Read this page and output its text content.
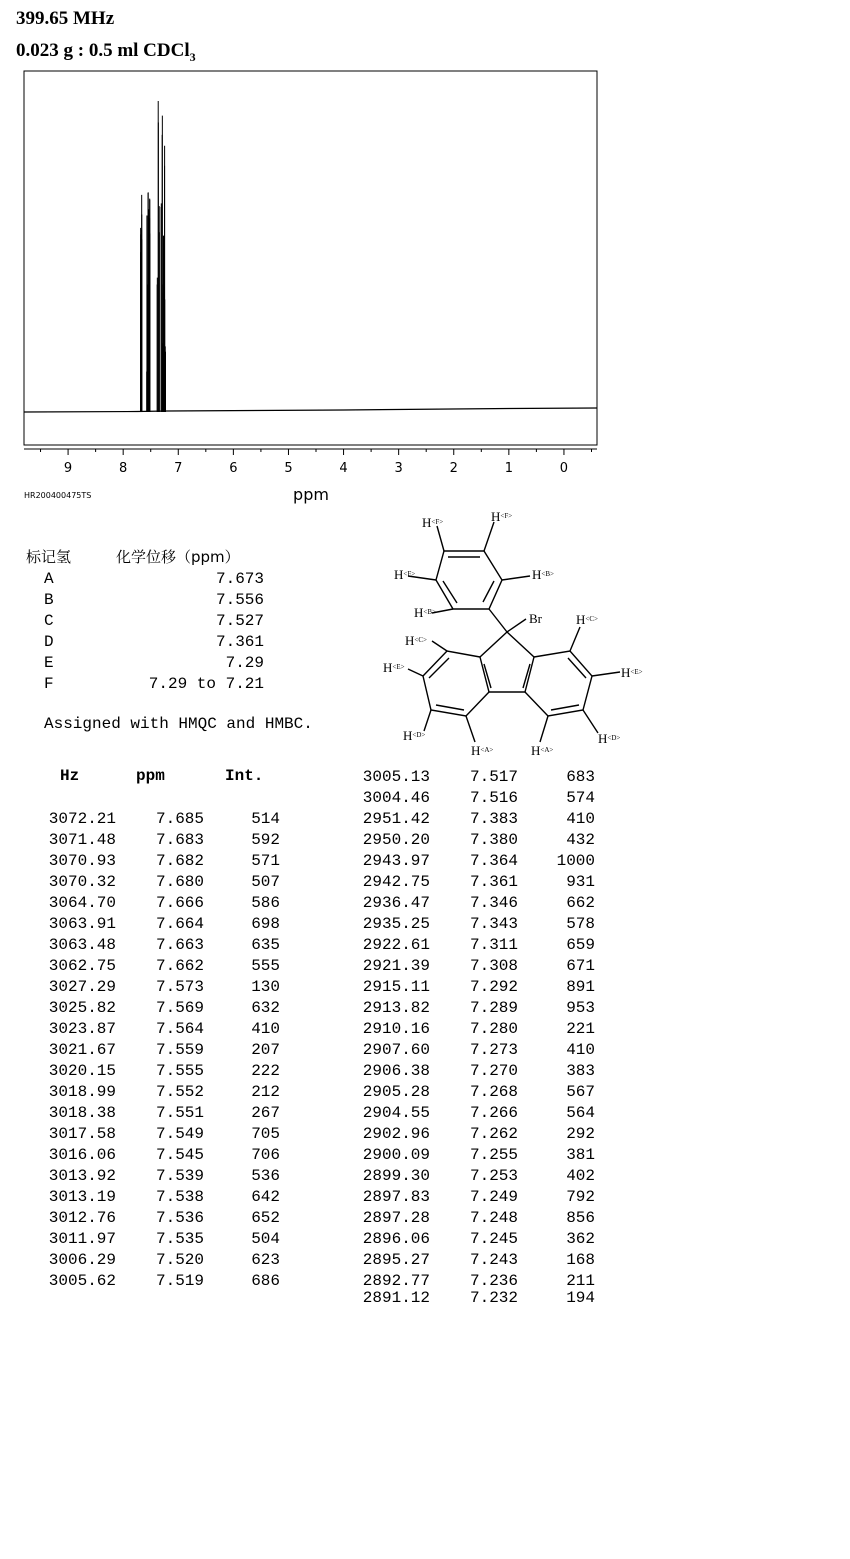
399.65 MHz
0.023 g : 0.5 ml CDCl$_3$
9	8	7	6	5	4	3	2	1	0
HR200400475TS	ppm
标记氢	化学位移（ppm）
A	7.673
B	7.556
C	7.527
D	7.361
E	7.29
F	7.29 to 7.21
Assigned with HMQC and HMBC.
Br
H<F>	H<F>
H<F>	H<B>
H<B>
H<C>
H<C>
H<E>	H<E>
H<D>	H<D>
H<A>	H<A>
Hz	ppm	Int.
3072.21	7.685	514
3071.48	7.683	592
3070.93	7.682	571
3070.32	7.680	507
3064.70	7.666	586
3063.91	7.664	698
3063.48	7.663	635
3062.75	7.662	555
3027.29	7.573	130
3025.82	7.569	632
3023.87	7.564	410
3021.67	7.559	207
3020.15	7.555	222
3018.99	7.552	212
3018.38	7.551	267
3017.58	7.549	705
3016.06	7.545	706
3013.92	7.539	536
3013.19	7.538	642
3012.76	7.536	652
3011.97	7.535	504
3006.29	7.520	623
3005.62	7.519	686
3005.13	7.517	683
3004.46	7.516	574
2951.42	7.383	410
2950.20	7.380	432
2943.97	7.364	1000
2942.75	7.361	931
2936.47	7.346	662
2935.25	7.343	578
2922.61	7.311	659
2921.39	7.308	671
2915.11	7.292	891
2913.82	7.289	953
2910.16	7.280	221
2907.60	7.273	410
2906.38	7.270	383
2905.28	7.268	567
2904.55	7.266	564
2902.96	7.262	292
2900.09	7.255	381
2899.30	7.253	402
2897.83	7.249	792
2897.28	7.248	856
2896.06	7.245	362
2895.27	7.243	168
2892.77	7.236	211
2891.12	7.232	194
